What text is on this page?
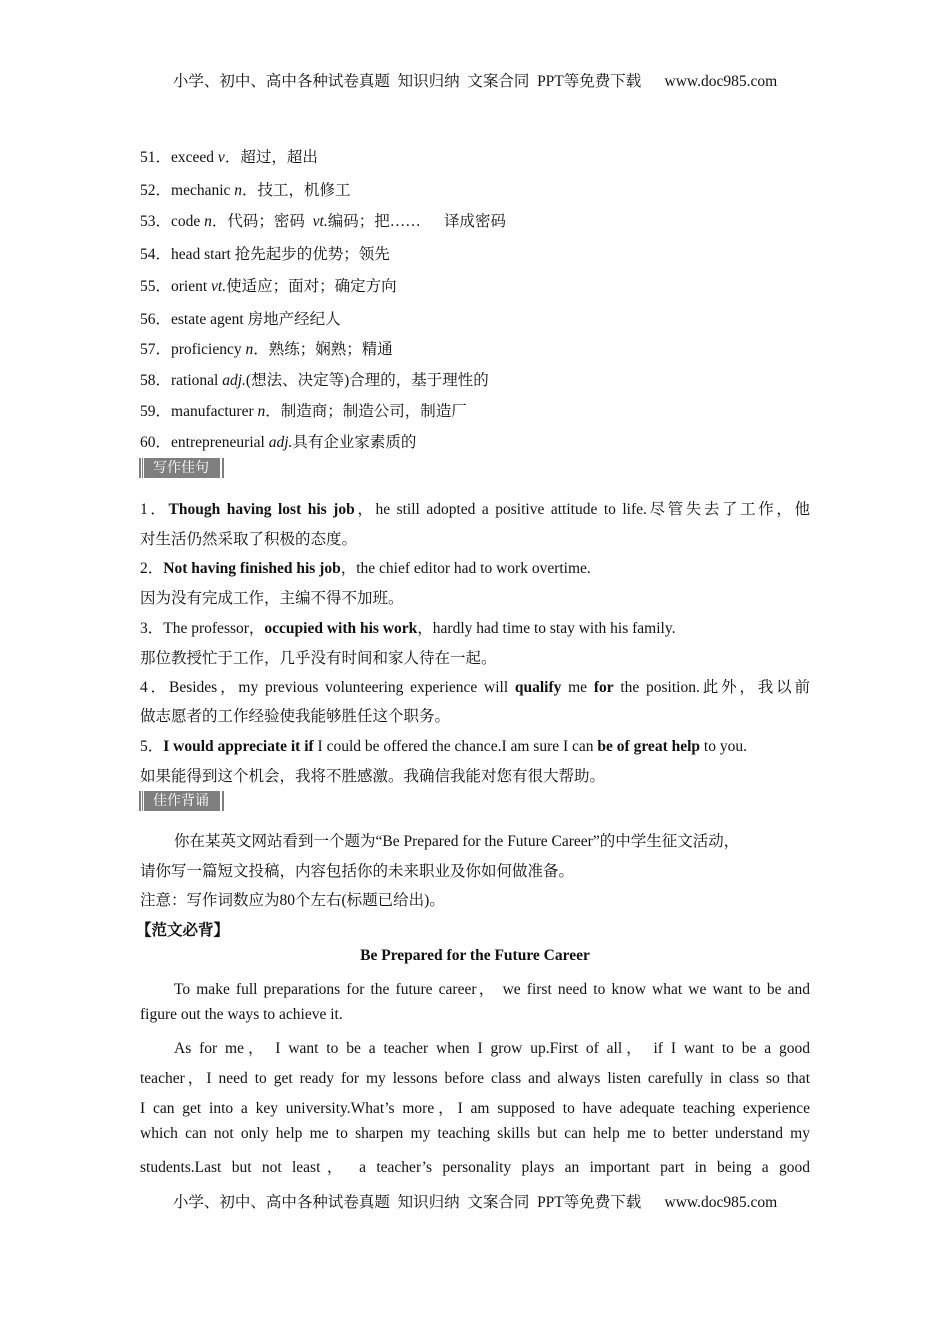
小学、初中、高中各种试卷真题  知识归纳  文案合同  PPT等免费下载      www.doc985.com
51．exceed v．超过，超出
52．mechanic n．技工，机修工
53．code n．代码；密码  vt.编码；把……      译成密码
54．head start 抢先起步的优势；领先
55．orient vt.使适应；面对；确定方向
56．estate agent 房地产经纪人
57．proficiency n．熟练；娴熟；精通
58．rational adj.(想法、决定等)合理的，基于理性的
59．manufacturer n．制造商；制造公司，制造厂
60．entrepreneurial adj.具有企业家素质的
写作佳句
1．Though having lost his job，he still adopted a positive attitude to life.尽管失去了工作，他
对生活仍然采取了积极的态度。
2．Not having finished his job，the chief editor had to work overtime.
因为没有完成工作，主编不得不加班。
3．The professor，occupied with his work，hardly had time to stay with his family.
那位教授忙于工作，几乎没有时间和家人待在一起。
4．Besides，my previous volunteering experience will qualify me for the position.此外，我以前
做志愿者的工作经验使我能够胜任这个职务。
5．I would appreciate it if I could be offered the chance.I am sure I can be of great help to you.
如果能得到这个机会，我将不胜感激。我确信我能对您有很大帮助。
佳作背诵
你在某英文网站看到一个题为“Be Prepared for the Future Career”的中学生征文活动，
请你写一篇短文投稿，内容包括你的未来职业及你如何做准备。
注意：写作词数应为80个左右(标题已给出)。
【范文必背】
Be Prepared for the Future Career
To make full preparations for the future career， we first need to know what we want to be and
figure out the ways to achieve it.
As for me， I want to be a teacher when I grow up.First of all， if I want to be a good
teacher，I need to get ready for my lessons before class and always listen carefully in class so that
I can get into a key university.What’s more，I am supposed to have adequate teaching experience
which can not only help me to sharpen my teaching skills but can help me to better understand my
students.Last but not least， a teacher’s personality plays an important part in being a good
小学、初中、高中各种试卷真题  知识归纳  文案合同  PPT等免费下载      www.doc985.com
